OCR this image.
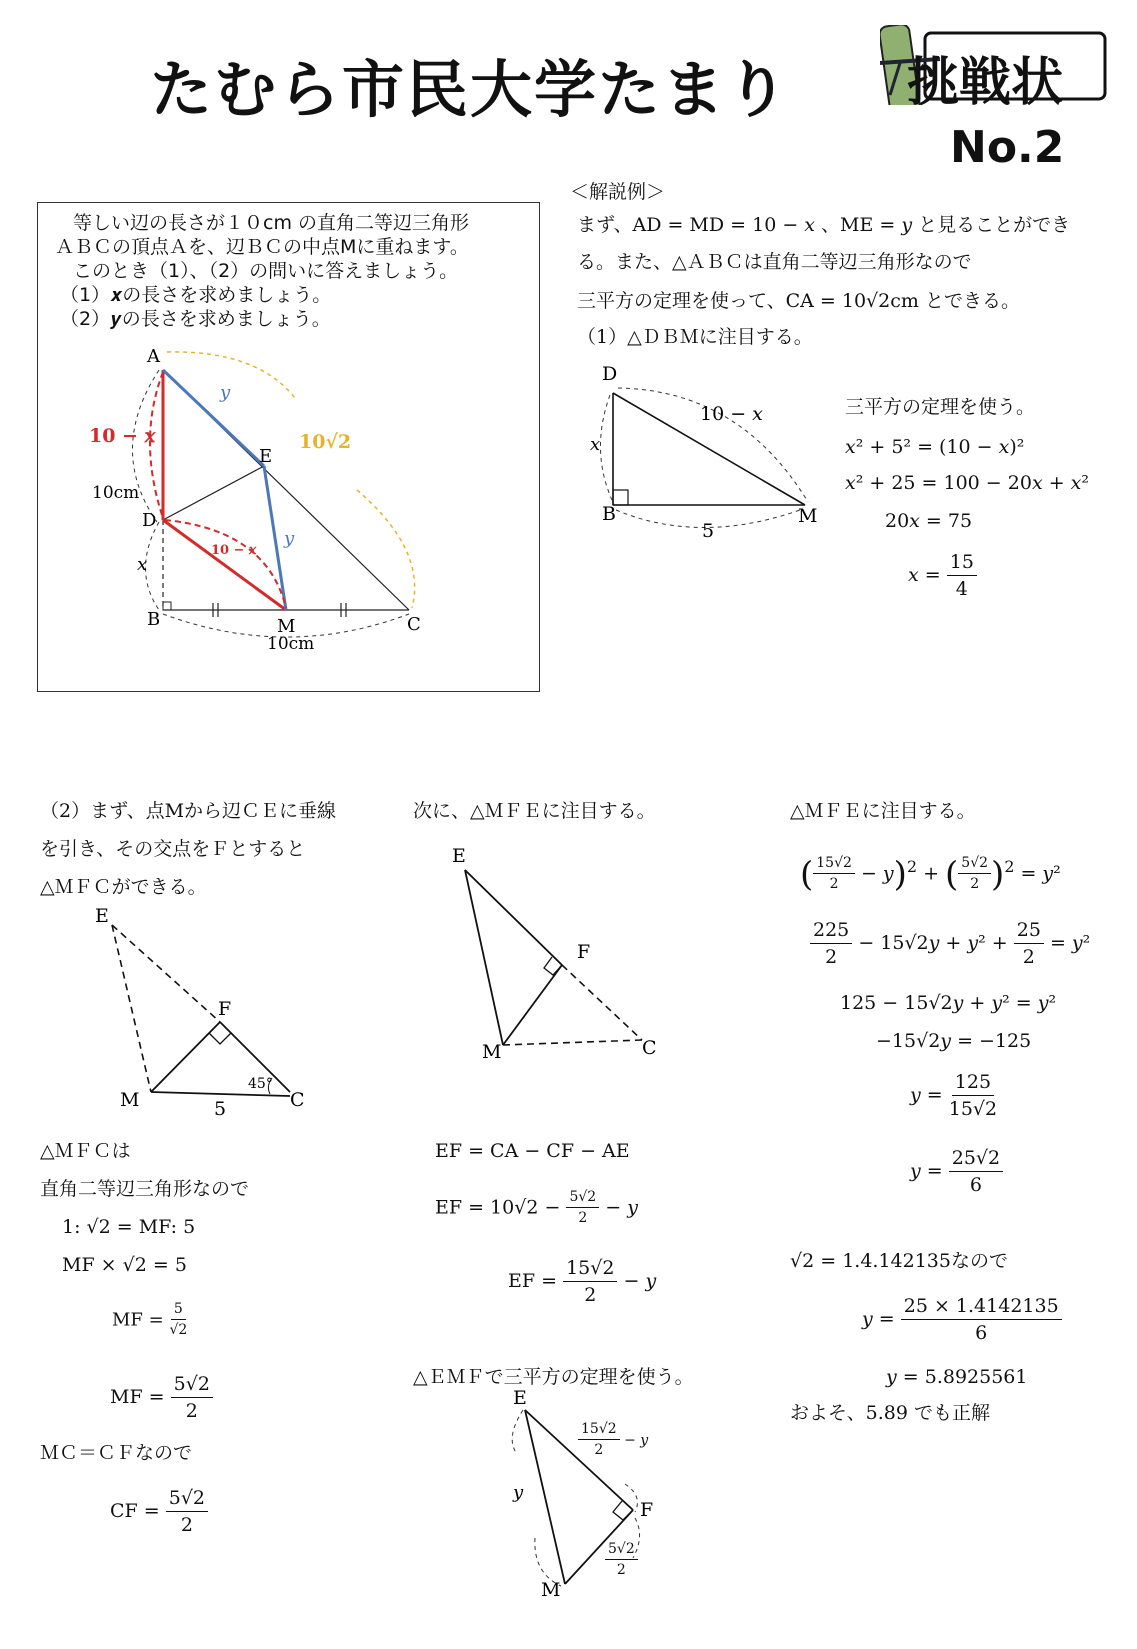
たむら市民大学たまり 挑戦状
No.2
等しい辺の長さが１０cm の直角二等辺三角形
ＡＢＣの頂点Ａを、辺ＢＣの中点Mに重ねます。
このとき（1）、（2）の問いに答えましょう。
（1）𝒙の長さを求めましょう。
（2）𝒚の長さを求めましょう。
A
B	C
D
E
M
10 − 𝑥
10 − 𝑥
𝑦
𝑦
𝑥
10√2
10cm
10cm
＜解説例＞
まず、AD = MD = 10 − 𝑥 、ME = 𝑦 と見ることができ
る。また、△ＡＢＣは直角二等辺三角形なので
三平方の定理を使って、CA = 10√2cm とできる。
（1）△ＤＢＭに注目する。
D
B	M
𝑥
5
10 − 𝑥	三平方の定理を使う。
𝑥² + 5² = (10 − 𝑥)²
𝑥² + 25 = 100 − 20𝑥 + 𝑥²
20𝑥 = 75
𝑥 = $\frac{15}{4}$
（2）まず、点Mから辺ＣＥに垂線
を引き、その交点をＦとすると
△ＭＦＣができる。
E
F
M	C
5
45°
△ＭＦＣは
直角二等辺三角形なので
1: √2 = MF: 5
MF × √2 = 5
MF = $\frac{5}{√2}$
MF = $\frac{5√2}{2}$
ＭＣ＝ＣＦなので
CF = $\frac{5√2}{2}$
次に、△ＭＦＥに注目する。
E
F
M	C
EF = CA − CF − AE
EF = $10√2 - \frac{5√2}{2}$ − 𝑦
EF = $\frac{15√2}{2}$ − 𝑦
△ＥＭＦで三平方の定理を使う。
E
F
M
𝑦
$\frac{15√2}{2}$ − 𝑦
$\frac{5√2}{2}$
△ＭＦＥに注目する。
( $\frac{15√2}{2}$ − 𝑦)$^2$ + ( $\frac{5√2}{2} )^2$ = 𝑦²
$\frac{225}{2}$ − 15√2𝑦 + 𝑦² + $\frac{25}{2}$ = 𝑦²
125 − 15√2𝑦 + 𝑦² = 𝑦²
−15√2𝑦 = −125
𝑦 = $\frac{125}{15√2}$
𝑦 = $\frac{25√2}{6}$
√2 = 1.4.142135なので
𝑦 = $\frac{25 \times 1.4142135}{6}$
𝑦 = 5.8925561
およそ、5.89 でも正解
